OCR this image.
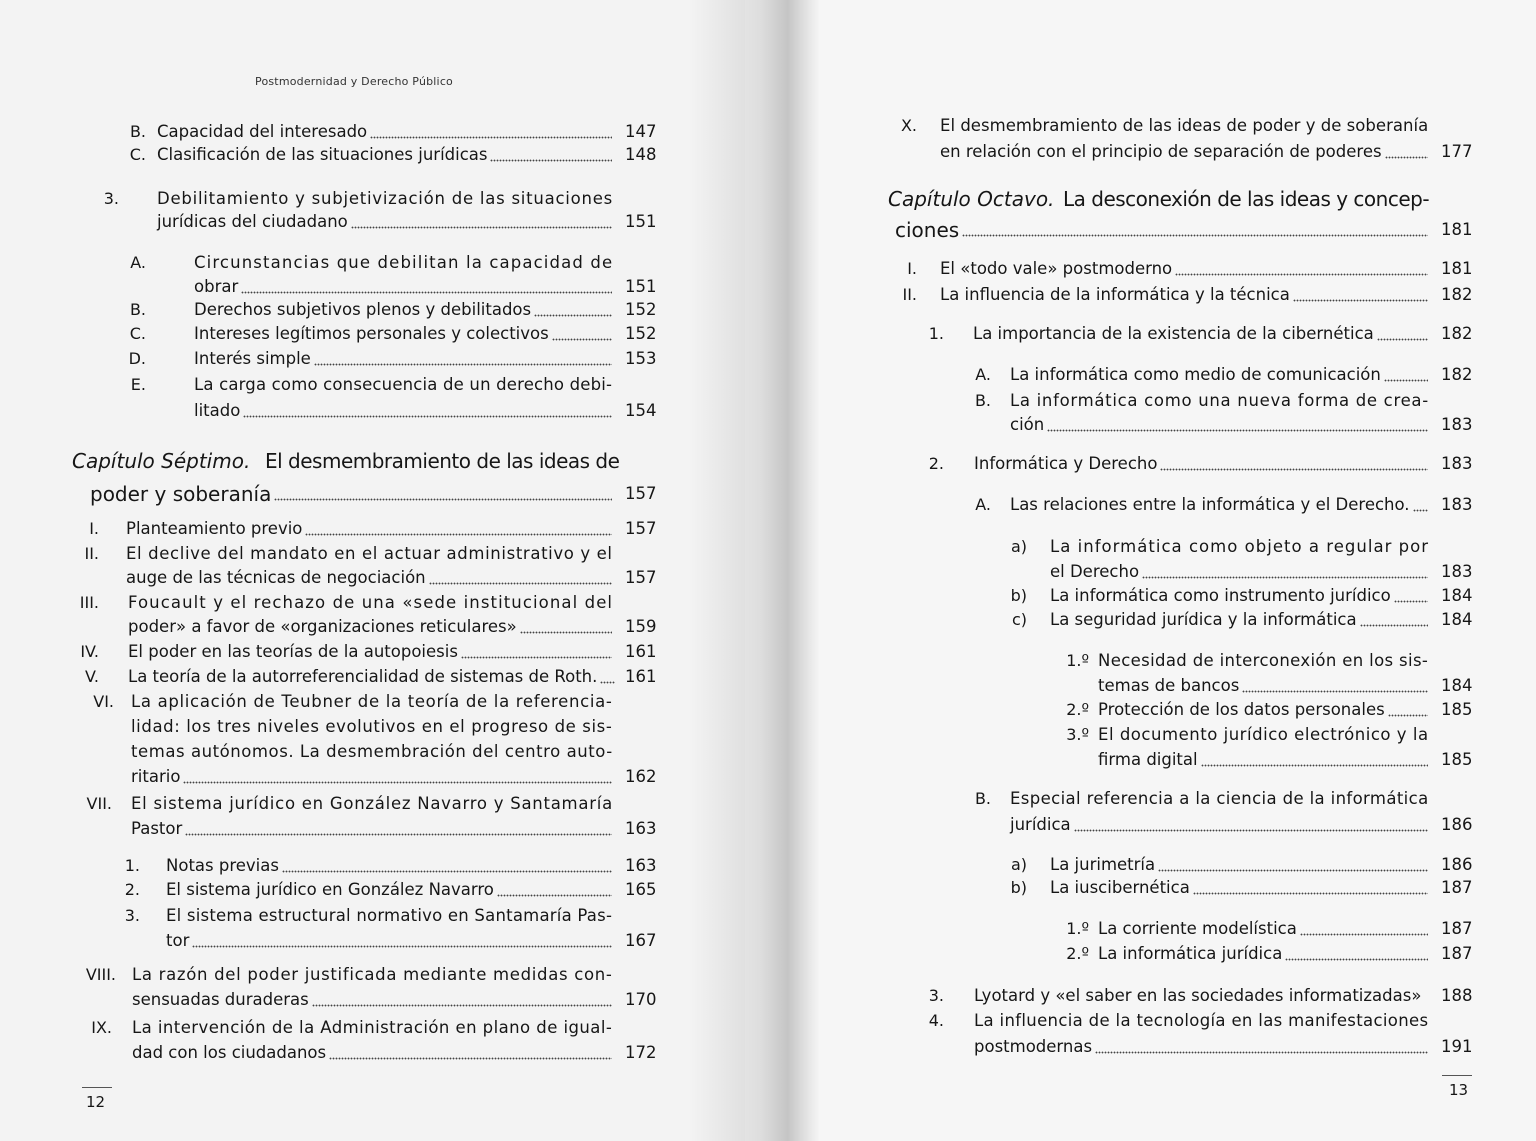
Postmodernidad y Derecho Público
B. Capacidad del interesado	147
C. Clasificación de las situaciones jurídicas	148
3. Debilitamiento y subjetivización de las situaciones
jurídicas del ciudadano	151
A.	Circunstancias que debilitan la capacidad de
obrar	151
B.	Derechos subjetivos plenos y debilitados	152
C.	Intereses legítimos personales y colectivos	152
D.	Interés simple	153
E.	La carga como consecuencia de un derecho debi-
litado	154
Capítulo Séptimo. El desmembramiento de las ideas de
poder y soberanía	157
I. Planteamiento previo	157
II. El declive del mandato en el actuar administrativo y el
auge de las técnicas de negociación	157
III. Foucault y el rechazo de una «sede institucional del
poder» a favor de «organizaciones reticulares»	159
IV. El poder en las teorías de la autopoiesis	161
V. La teoría de la autorreferencialidad de sistemas de Roth. 161
VI. La aplicación de Teubner de la teoría de la referencia-
lidad: los tres niveles evolutivos en el progreso de sis-
temas autónomos. La desmembración del centro auto-
ritario	162
VII. El sistema jurídico en González Navarro y Santamaría
Pastor	163
1. Notas previas	163
2. El sistema jurídico en González Navarro	165
3. El sistema estructural normativo en Santamaría Pas-
tor	167
VIII. La razón del poder justificada mediante medidas con-
sensuadas duraderas	170
IX. La intervención de la Administración en plano de igual-
dad con los ciudadanos	172
12
X. El desmembramiento de las ideas de poder y de soberanía
en relación con el principio de separación de poderes	177
Capítulo Octavo. La desconexión de las ideas y concep-
ciones	181
I. El «todo vale» postmoderno	181
II. La influencia de la informática y la técnica	182
1. La importancia de la existencia de la cibernética	182
A. La informática como medio de comunicación	182
B. La informática como una nueva forma de crea-
ción	183
2. Informática y Derecho	183
A. Las relaciones entre la informática y el Derecho. 183
a) La informática como objeto a regular por
el Derecho	183
b) La informática como instrumento jurídico	184
c) La seguridad jurídica y la informática	184
1.º Necesidad de interconexión en los sis-
temas de bancos	184
2.º Protección de los datos personales	185
3.º El documento jurídico electrónico y la
firma digital	185
B. Especial referencia a la ciencia de la informática
jurídica	186
a) La jurimetría	186
b) La iuscibernética	187
1.º La corriente modelística	187
2.º La informática jurídica	187
3. Lyotard y «el saber en las sociedades informatizadas» 188
4. La influencia de la tecnología en las manifestaciones
postmodernas	191
13
